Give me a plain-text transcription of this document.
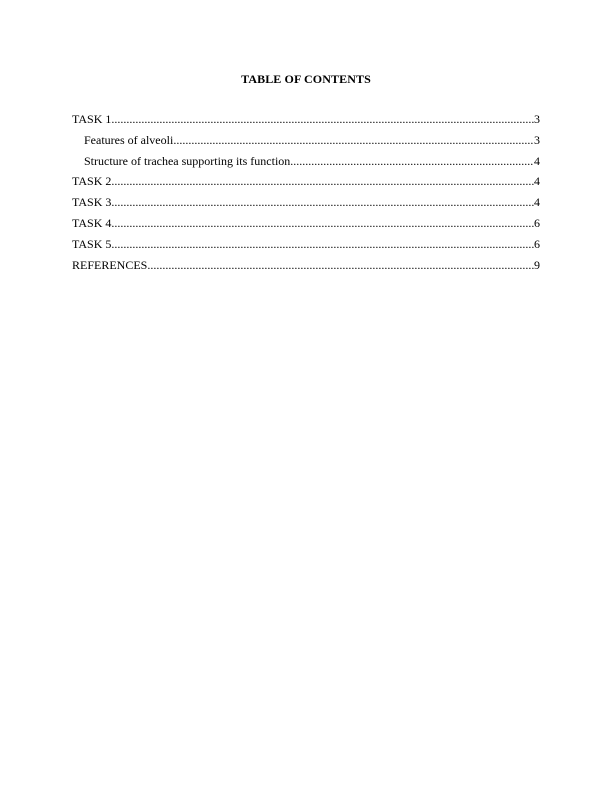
TABLE OF CONTENTS
TASK 1 .....	3
Features of alveoli .....	3
Structure of trachea supporting its function .....	4
TASK 2 .....	4
TASK 3 .....	4
TASK 4 .....	6
TASK 5 .....	6
REFERENCES .....	9
